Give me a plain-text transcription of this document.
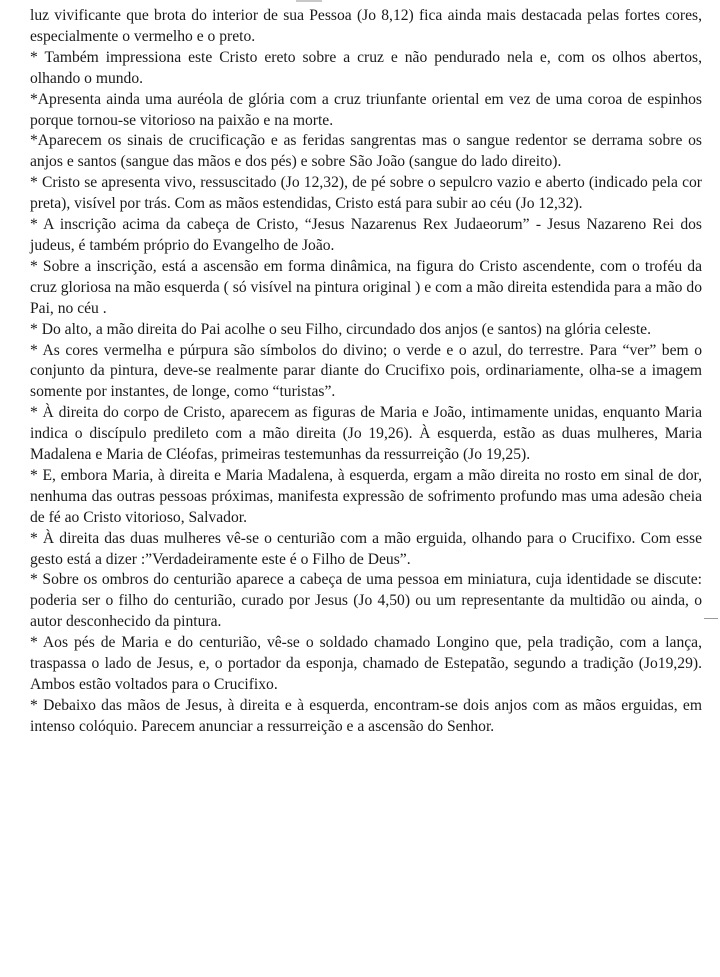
luz vivificante que brota do interior de sua Pessoa (Jo 8,12) fica ainda mais destacada pelas fortes cores, especialmente o vermelho e o preto.

* Também impressiona este Cristo ereto sobre a cruz e não pendurado nela e, com os olhos abertos, olhando o mundo.

*Apresenta ainda uma auréola de glória com a cruz triunfante oriental em vez de uma coroa de espinhos porque tornou-se vitorioso na paixão e na morte.

*Aparecem os sinais de crucificação e as feridas sangrentas mas o sangue redentor se derrama sobre os anjos e santos (sangue das mãos e dos pés) e sobre São João (sangue do lado direito).

* Cristo se apresenta vivo, ressuscitado (Jo 12,32), de pé sobre o sepulcro vazio e aberto (indicado pela cor preta), visível por trás. Com as mãos estendidas, Cristo está para subir ao céu (Jo 12,32).

* A inscrição acima da cabeça de Cristo, “Jesus Nazarenus Rex Judaeorum” - Jesus Nazareno Rei dos judeus, é também próprio do Evangelho de João.

* Sobre a inscrição, está a ascensão em forma dinâmica, na figura do Cristo ascendente, com o troféu da cruz gloriosa na mão esquerda ( só visível na pintura original ) e com a mão direita estendida para a mão do Pai, no céu .

* Do alto, a mão direita do Pai acolhe o seu Filho, circundado dos anjos (e santos) na glória celeste.

* As cores vermelha e púrpura são símbolos do divino; o verde e o azul, do terrestre. Para “ver” bem o conjunto da pintura, deve-se realmente parar diante do Crucifixo pois, ordinariamente, olha-se a imagem somente por instantes, de longe, como “turistas”.

* À direita do corpo de Cristo, aparecem as figuras de Maria e João, intimamente unidas, enquanto Maria indica o discípulo predileto com a mão direita (Jo 19,26). À esquerda, estão as duas mulheres, Maria Madalena e Maria de Cléofas, primeiras testemunhas da ressurreição (Jo 19,25).

* E, embora Maria, à direita e Maria Madalena, à esquerda, ergam a mão direita no rosto em sinal de dor, nenhuma das outras pessoas próximas, manifesta expressão de sofrimento profundo mas uma adesão cheia de fé ao Cristo vitorioso, Salvador.

* À direita das duas mulheres vê-se o centurião com a mão erguida, olhando para o Crucifixo. Com esse gesto está a dizer :”Verdadeiramente este é o Filho de Deus”.

* Sobre os ombros do centurião aparece a cabeça de uma pessoa em miniatura, cuja identidade se discute: poderia ser o filho do centurião, curado por Jesus (Jo 4,50) ou um representante da multidão ou ainda, o autor desconhecido da pintura.

* Aos pés de Maria e do centurião, vê-se o soldado chamado Longino que, pela tradição, com a lança, traspassa o lado de Jesus, e, o portador da esponja, chamado de Estepatão, segundo a tradição (Jo19,29). Ambos estão voltados para o Crucifixo.

* Debaixo das mãos de Jesus, à direita e à esquerda, encontram-se dois anjos com as mãos erguidas, em intenso colóquio. Parecem anunciar a ressurreição e a ascensão do Senhor.
